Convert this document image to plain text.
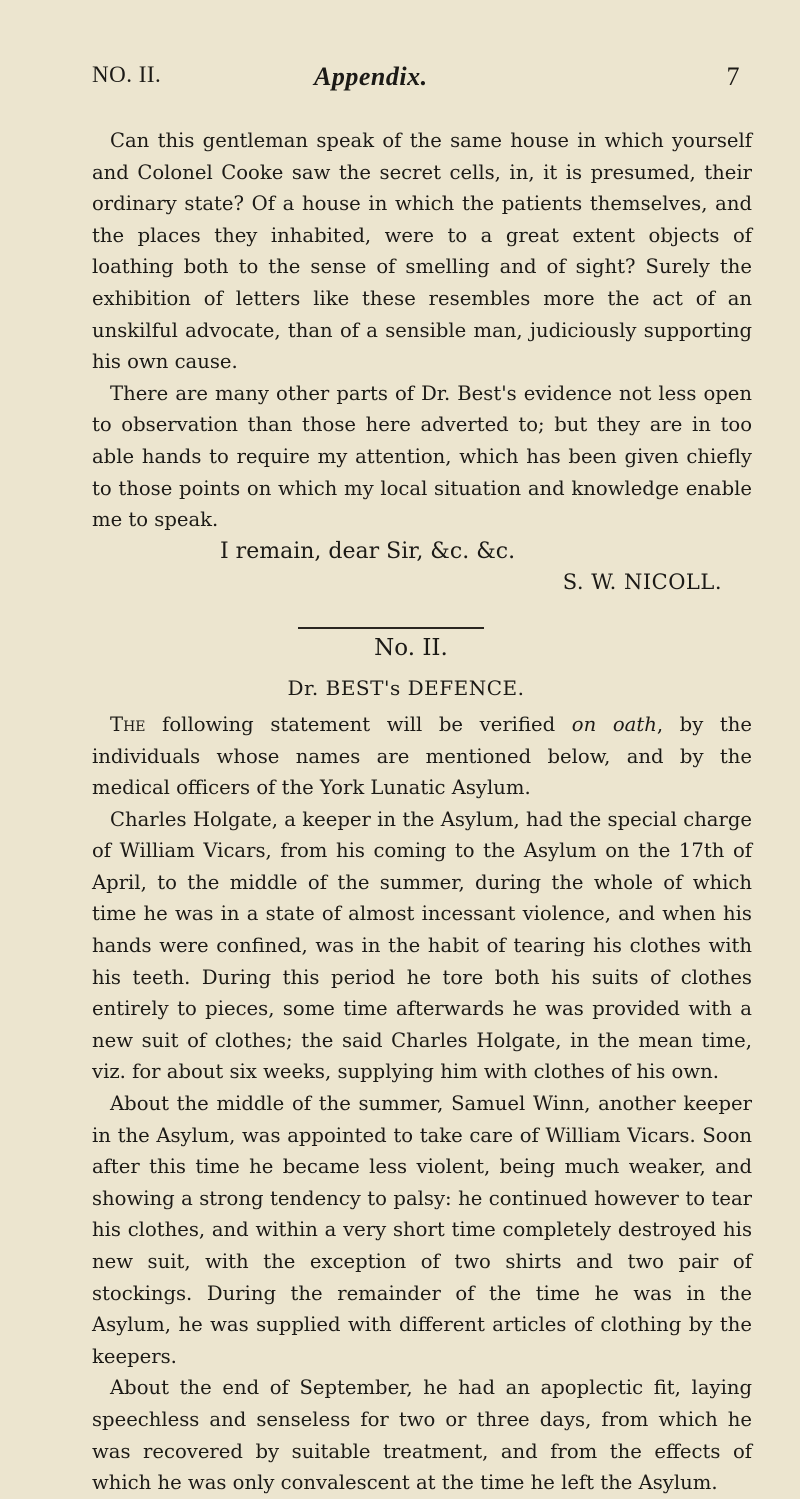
NO. II.	Appendix.	7

Can this gentleman speak of the same house in which yourself and Colonel Cooke saw the secret cells, in, it is presumed, their ordinary state? Of a house in which the patients themselves, and the places they inhabited, were to a great extent objects of loathing both to the sense of smelling and of sight? Surely the exhibition of letters like these resembles more the act of an unskilful advocate, than of a sensible man, judiciously supporting his own cause.

There are many other parts of Dr. Best's evidence not less open to observation than those here adverted to; but they are in too able hands to require my attention, which has been given chiefly to those points on which my local situation and knowledge enable me to speak.

I remain, dear Sir, &c. &c.

S. W. NICOLL.

No. II.

Dr. BEST's DEFENCE.

The following statement will be verified on oath, by the individuals whose names are mentioned below, and by the medical officers of the York Lunatic Asylum.

Charles Holgate, a keeper in the Asylum, had the special charge of William Vicars, from his coming to the Asylum on the 17th of April, to the middle of the summer, during the whole of which time he was in a state of almost incessant violence, and when his hands were confined, was in the habit of tearing his clothes with his teeth. During this period he tore both his suits of clothes entirely to pieces, some time afterwards he was provided with a new suit of clothes; the said Charles Holgate, in the mean time, viz. for about six weeks, supplying him with clothes of his own.

About the middle of the summer, Samuel Winn, another keeper in the Asylum, was appointed to take care of William Vicars. Soon after this time he became less violent, being much weaker, and showing a strong tendency to palsy: he continued however to tear his clothes, and within a very short time completely destroyed his new suit, with the exception of two shirts and two pair of stockings. During the remainder of the time he was in the Asylum, he was supplied with different articles of clothing by the keepers.

About the end of September, he had an apoplectic fit, laying speechless and senseless for two or three days, from which he was recovered by suitable treatment, and from the effects of which he was only convalescent at the time he left the Asylum.
